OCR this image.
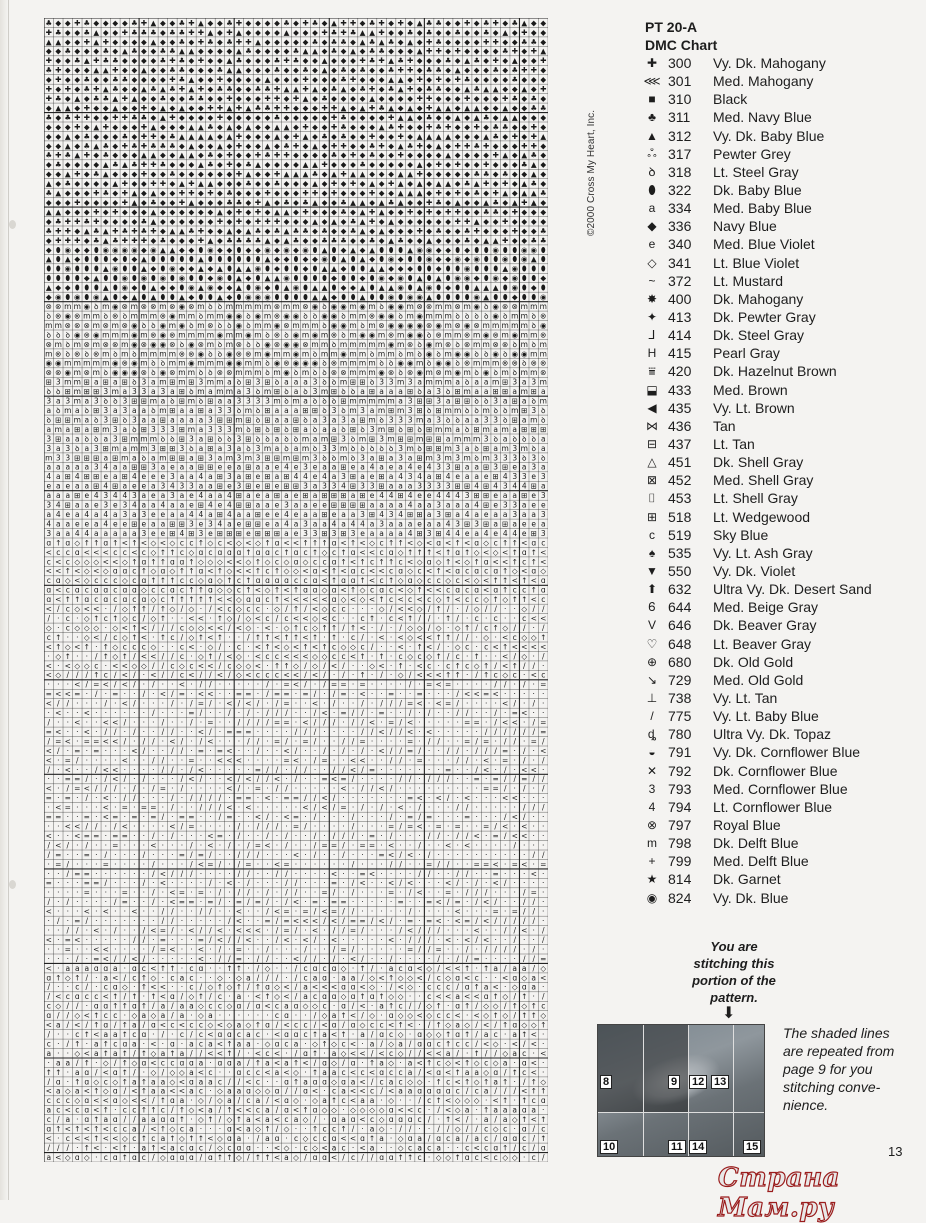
♣ ◆ ◆ ✚ ♣ ◆ ◆ ◆ ◆ ♣ ✚ ▲ ◆ ◆ ♣ ✚ ▲ ◆ ◆ ♣ ✚ ◆ ◆ ◆ ◆ ♣ ◆ ✚ ♣ ◆ ▲ ✚ ✚ ◆ ♣ ✚ ◆ ✚ ◆ ▲ ♣ ♣ ◆ ◆ ✚ ◆ ♣ ✚ ◆ ♣ ▲ ◆ ◆
✚ ♣ ◆ ◆ ♣ ▲ ◆ ◆ ✚ ♣ ♣ ♣ ◆ ♣ ♣ ✚ ✚ ▲ ◆ ✚ ▲ ◆ ◆ ◆ ◆ ▲ ◆ ◆ ◆ ✚ ♣ ✚ ♣ ▲ ▲ ✚ ◆ ◆ ♣ ◆ ♣ ◆ ◆ ♣ ◆ ◆ ♣ ◆ ▲ ◆ ✚ ◆ ◆
▲ ▲ ◆ ◆ ✚ ▲ ✚ ◆ ◆ ◆ ◆ ▲ ◆ ◆ ♣ ◆ ✚ ♣ ◆ ♣ ✚ ✚ ▲ ◆ ◆ ◆ ◆ ◆ ♣ ◆ ♣ ♣ ◆ ▲ ♣ ▲ ♣ ◆ ▲ ◆ ✚ ♣ ◆ ◆ ◆ ◆ ✚ ✚ ◆ ◆ ♣ ♣ ◆
◆ ◆ ♣ ◆ ◆ ◆ ♣ ◆ ▲ ♣ ◆ ◆ ♣ ♣ ▲ ▲ ◆ ◆ ◆ ◆ ▲ ♣ ◆ ◆ ◆ ◆ ♣ ▲ ▲ ◆ ♣ ◆ ▲ ◆ ♣ ♣ ◆ ◆ ◆ ▲ ✚ ✚ ◆ ✚ ◆ ◆ ◆ ◆ ♣ ✚ ◆ ✚ ▲
✚ ◆ ◆ ♣ ▲ ✚ ♣ ♣ ◆ ◆ ◆ ◆ ♣ ✚ ♣ ◆ ✚ ◆ ◆ ▲ ♣ ◆ ◆ ◆ ♣ ✚ ♣ ◆ ◆ ▲ ◆ ◆ ◆ ✚ ♣ ✚ ▲ ♣ ✚ ◆ ◆ ◆ ♣ ◆ ▲ ♣ ◆ ✚ ◆ ▲ ◆ ◆ ✚
♣ ✚ ◆ ◆ ◆ ▲ ▲ ✚ ◆ ◆ ▲ ◆ ◆ ♣ ♣ ◆ ◆ ◆ ♣ ▲ ▲ ◆ ◆ ◆ ♣ ◆ ◆ ♣ ◆ ▲ ◆ ♣ ◆ ♣ ◆ ◆ ♣ ✚ ✚ ◆ ♣ ♣ ◆ ▲ ◆ ◆ ◆ ♣ ◆ ♣ ✚ ✚ ◆
◆ ✚ ◆ ◆ ♣ ◆ ◆ ♣ ♣ ◆ ◆ ◆ ◆ ✚ ♣ ▲ ◆ ◆ ✚ ◆ ◆ ◆ ◆ ▲ ◆ ◆ ◆ ✚ ◆ ◆ ◆ ♣ ✚ ◆ ◆ ◆ ▲ ▲ ◆ ✚ ◆ ✚ ◆ ✚ ♣ ◆ ◆ ◆ ◆ ♣ ◆ ◆ ◆
✚ ◆ ✚ ◆ ♣ ✚ ▲ ♣ ◆ ◆ ▲ ♣ ▲ ♣ ✚ ▲ ✚ ◆ ♣ ♣ ◆ ◆ ♣ ♣ ✚ ▲ ▲ ✚ ▲ ◆ ♣ ▲ ◆ ♣ ✚ ◆ ♣ ▲ ✚ ◆ ♣ ♣ ◆ ◆ ▲ ♣ ▲ ▲ ◆ ◆ ▲ ◆ ✚
✚ ♣ ◆ ▲ ◆ ♣ ♣ ▲ ✚ ▲ ◆ ◆ ♣ ◆ ◆ ♣ ♣ ◆ ◆ ✚ ◆ ◆ ◆ ✚ ✚ ◆ ✚ ▲ ◆ ♣ ◆ ◆ ◆ ◆ ▲ ◆ ◆ ◆ ◆ ✚ ✚ ◆ ◆ ◆ ✚ ◆ ◆ ◆ ✚ ♣ ◆ ♣ ◆
◆ ▲ ▲ ◆ ✚ ◆ ◆ ▲ ◆ ◆ ✚ ◆ ▲ ◆ ▲ ◆ ◆ ✚ ✚ ▲ ✚ ▲ ♣ ♣ ✚ ✚ ◆ ◆ ◆ ✚ ✚ ▲ ◆ ▲ ✚ ♣ ▲ ◆ ▲ ◆ ✚ ▲ ▲ ◆ ▲ ▲ ◆ ◆ ▲ ◆ ◆ ♣ ♣
♣ ◆ ♣ ✚ ✚ ◆ ◆ ✚ ✚ ♣ ♣ ◆ ▲ ✚ ◆ ◆ ◆ ◆ ✚ ◆ ◆ ◆ ◆ ◆ ♣ ◆ ◆ ◆ ◆ ◆ ✚ ♣ ◆ ◆ ◆ ◆ ✚ ▲ ▲ ◆ ♣ ◆ ◆ ▲ ◆ ▲ ♣ ◆ ▲ ▲ ◆ ◆ ◆
◆ ◆ ◆ ✚ ◆ ▲ ✚ ◆ ◆ ◆ ✚ ▲ ◆ ◆ ◆ ▲ ▲ ♣ ◆ ▲ ◆ ▲ ◆ ◆ ▲ ▲ ◆ ✚ ◆ ◆ ✚ ♣ ◆ ◆ ◆ ▲ ♣ ✚ ◆ ◆ ✚ ♣ ✚ ◆ ◆ ✚ ◆ ♣ ♣ ◆ ◆ ✚ ◆
◆ ◆ ▲ ◆ ♣ ◆ ◆ ◆ ♣ ◆ ✚ ✚ ◆ ♣ ▲ ▲ ▲ ▲ ◆ ▲ ✚ ◆ ◆ ◆ ▲ ◆ ✚ ▲ ◆ ♣ ◆ ♣ ◆ ◆ ✚ ◆ ◆ ✚ ◆ ▲ ▲ ▲ ▲ ◆ ◆ ◆ ▲ ♣ ◆ ✚ ◆ ✚ ▲
◆ ◆ ▲ ◆ ♣ ▲ ♣ ◆ ✚ ♣ ✚ ♣ ♣ ♣ ◆ ▲ ◆ ◆ ▲ ◆ ✚ ◆ ◆ ▲ ◆ ♣ ✚ ◆ ▲ ◆ ✚ ✚ ◆ ◆ ♣ ✚ ◆ ▲ ♣ ✚ ◆ ▲ ◆ ✚ ✚ ♣ ✚ ◆ ◆ ◆ ✚ ✚ ◆
♣ ✚ ♣ ▲ ✚ ◆ ♣ ◆ ◆ ◆ ▲ ▲ ◆ ◆ ▲ ▲ ◆ ♣ ◆ ✚ ◆ ◆ ✚ ♣ ✚ ✚ ◆ ◆ ◆ ◆ ♣ ◆ ✚ ◆ ♣ ◆ ◆ ✚ ◆ ◆ ◆ ◆ ▲ ◆ ◆ ◆ ◆ ✚ ▲ ◆ ▲ ♣ ◆
◆ ♣ ◆ ◆ ◆ ◆ ▲ ♣ ▲ ♣ ✚ ✚ ♣ ◆ ◆ ◆ ▲ ♣ ◆ ✚ ◆ ♣ ▲ ◆ ◆ ◆ ◆ ▲ ▲ ✚ ◆ ◆ ◆ ♣ ◆ ◆ ◆ ◆ ◆ ▲ ◆ ✚ ◆ ✚ ◆ ◆ ✚ ◆ ◆ ◆ ♣ ▲ ◆
◆ ◆ ▲ ✚ ◆ ♣ ▲ ◆ ◆ ◆ ✚ ◆ ◆ ♣ ◆ ◆ ◆ ◆ ◆ ◆ ✚ ▲ ◆ ◆ ✚ ▲ ▲ ▲ ♣ ◆ ▲ ✚ ▲ ▲ ◆ ◆ ◆ ▲ ▲ ✚ ◆ ◆ ◆ ◆ ◆ ♣ ♣ ◆ ♣ ◆ ◆ ▲ ◆
▲ ◆ ♣ ◆ ◆ ◆ ◆ ▲ ✚ ◆ ◆ ✚ ✚ ◆ ▲ ✚ ▲ ▲ ◆ ◆ ◆ ♣ ◆ ◆ ♣ ◆ ◆ ◆ ▲ ◆ ✚ ◆ ✚ ◆ ▲ ◆ ✚ ▲ ◆ ▲ ◆ ▲ ▲ ◆ ♣ ▲ ✚ ◆ ✚ ◆ ▲ ♣ ◆
♣ ▲ ◆ ◆ ◆ ✚ ♣ ◆ ✚ ▲ ◆ ▲ ◆ ◆ ✚ ✚ ◆ ✚ ◆ ♣ ◆ ◆ ◆ ✚ ◆ ◆ ◆ ✚ ✚ ◆ ✚ ◆ ◆ ◆ ✚ ◆ ◆ ▲ ▲ ▲ ◆ ✚ ◆ ✚ ◆ ♣ ◆ ✚ ▲ ◆ ▲ ▲ ♣
◆ ◆ ◆ ✚ ◆ ◆ ◆ ◆ ✚ ▲ ◆ ♣ ◆ ◆ ✚ ▲ ◆ ◆ ◆ ♣ ♣ ◆ ✚ ▲ ◆ ♣ ◆ ♣ ▲ ◆ ◆ ♣ ▲ ▲ ◆ ▲ ♣ ▲ ◆ ◆ ✚ ♣ ◆ ▲ ◆ ◆ ▲ ♣ ◆ ▲ ✚ ▲ ◆
▲ ▲ ◆ ◆ ◆ ✚ ◆ ✚ ◆ ◆ ◆ ▲ ◆ ◆ ◆ ◆ ◆ ◆ ▲ ◆ ✚ ◆ ✚ ◆ ▲ ▲ ◆ ✚ ◆ ◆ ◆ ♣ ◆ ▲ ✚ ▲ ◆ ◆ ✚ ◆ ✚ ◆ ✚ ✚ ◆ ◆ ♣ ♣ ◆ ✚ ◆ ◆ ◆
◆ ♣ ✚ ✚ ♣ ✚ ◆ ◆ ◆ ◆ ♣ ▲ ◆ ◆ ◆ ◆ ◆ ◆ ✚ ◆ ✚ ◆ ✚ ✚ ✚ ◆ ◆ ◆ ▲ ◆ ▲ ◆ ♣ ▲ ✚ ◆ ▲ ◆ ◆ ◆ ◆ ◆ ◆ ✚ ✚ ▲ ◆ ◆ ✚ ◆ ◆ ◆ ◆
♣ ✚ ✚ ◆ ▲ ♣ ▲ ✚ ♣ ✚ ♣ ✚ ◆ ▲ ▲ ♣ ✚ ◆ ◆ ▲ ◆ ▲ ♣ ◆ ♣ ▲ ♣ ♣ ◆ ♣ ◆ ◆ ♣ ▲ ◆ ▲ ◆ ◆ ◆ ✚ ◆ ♣ ◆ ◆ ♣ ✚ ◆ ◆ ◆ ✚ ◆ ◆ ♣
◆ ✚ ✚ ✚ ◆ ♣ ▲ ♣ ✚ ✚ ✚ ◆ ♣ ◆ ◆ ◆ ✚ ▲ ◆ ♣ ♣ ♣ ♣ ▲ ◆ ▲ ♣ ◆ ◆ ♣ ♣ ♣ ◆ ◆ ♣ ◆ ▲ ♣ ◆ ◆ ▲ ◆ ◆ ◆ ♣ ◆ ▲ ▲ ✚ ◆ ◆ ♣ ♣
◆ ⬮ ◉ ◆ ◆ ⬮ ◉ ◉ ◉ ◉ ◆ ◉ ▲ ▲ ◆ ◆ ⬮ ◉ ◆ ◆ ⬮ ◆ ◆ ◉ ◆ ◉ ◆ ◉ ⬮ ▲ ⬮ ◆ ▲ ◆ ▲ ⬮ ⬮ ⬮ ▲ ◉ ◉ ◆ ◆ ⬮ ◆ ⬮ ⬮ ◉ ⬮ ⬮ ◉ ◉ ⬮
▲ ⬮ ▲ ◆ ⬮ ⬮ ⬮ ◆ ⬮ ◆ ▲ ⬮ ⬮ ⬮ ⬮ ⬮ ▲ ⬮ ⬮ ⬮ ⬮ ⬮ ⬮ ▲ ◆ ◆ ⬮ ◆ ◆ ◉ ⬮ ▲ ⬮ ▲ ◆ ⬮ ◉ ◆ ⬮ ⬮ ◉ ◆ ◆ ◉ ◆ ◉ ⬮ ⬮ ◉ ⬮ ◉ ▲ ⬮
⬮ ⬮ ◉ ⬮ ⬮ ⬮ ▲ ◉ ⬮ ⬮ ▲ ◆ ⬮ ◉ ◆ ◆ ▲ ◆ ▲ ⬮ ▲ ▲ ◉ ⬮ ◆ ⬮ ⬮ ◆ ⬮ ▲ ▲ ◆ ⬮ ⬮ ▲ ▲ ◆ ◆ ◆ ⬮ ⬮ ◆ ⬮ ⬮ ◉ ⬮ ⬮ ⬮ ▲ ◉ ⬮ ⬮ ⬮
⬮ ⬮ ⬮ ⬮ ◆ ▲ ⬮ ⬮ ◉ ⬮ ◉ ⬮ ◉ ⬮ ◉ ⬮ ⬮ ◆ ◉ ⬮ ▲ ◆ ⬮ ▲ ▲ ◉ ⬮ ⬮ ⬮ ⬮ ◆ ⬮ ⬮ ◆ ⬮ ◉ ◆ ◉ ⬮ ▲ ⬮ ▲ ⬮ ◉ ◉ ◆ ⬮ ◉ ◆ ◉ ⬮ ⬮ ◆
▲ ◆ ◆ ⬮ ⬮ ⬮ ▲ ⬮ ◉ ◆ ⬮ ▲ ◆ ◆ ⬮ ◉ ▲ ◉ ◆ ◆ ▲ ⬮ ◉ ◆ ⬮ ▲ ◉ ⬮ ▲ ▲ ⬮ ◆ ◆ ▲ ⬮ ▲ ▲ ◉ ⬮ ▲ ◉ ⬮ ◆ ⬮ ⬮ ▲ ▲ ▲ ⬮ ◉ ⬮ ◆ ⬮
◆ ◉ ⬮ ◉ ⬮ ◉ ▲ ⬮ ◆ ▲ ⬮ ▲ ⬮ ⬮ ▲ ◆ ⬮ ⬮ ▲ ◆ ⬮ ◉ ◉ ◉ ⬮ ⬮ ⬮ ⬮ ▲ ▲ ◆ ⬮ ⬮ ▲ ⬮ ⬮ ◉ ⬮ ◉ ◉ ▲ ⬮ ⬮ ⬮ ⬮ ◉ ▲ ⬮ ⬮ ◆ ⬮ ⬮ ◉
⊗ ⊗ m m ◉ ꝺ m ◉ ⊗ m ⊗ ⊗ m ⊗ ◉ ⊗ m ꝺ ꝺ m m m m m ⊗ m m ⊗ ◉ ꝺ ◉ ◉ m ◉ m ꝺ ◉ ◉ m ⊗ ⊗ m m ⊗ m ◉ ꝺ ◉ ⊗ ⊗ m m m
ꝺ ⊗ ◉ ⊗ m m ꝺ ⊗ ꝺ m m m ⊗ ◉ m m ꝺ m m ◉ ◉ ꝺ ◉ m ⊗ ◉ ◉ ꝺ ꝺ ◉ ◉ ꝺ m m ⊗ ◉ ◉ ꝺ m ◉ m m m ꝺ ꝺ ꝺ ꝺ ◉ ꝺ m m ꝺ ⊗
m m ⊗ ⊗ ⊗ m ⊗ m ⊗ ◉ ꝺ ꝺ ◉ m ◉ ꝺ m ⊗ ꝺ ꝺ ◉ ꝺ m m ◉ ⊗ m m m ꝺ ◉ ◉ m ꝺ m ⊗ ◉ ◉ ◉ ◉ ⊗ ◉ m ⊗ ◉ ⊗ m m m m m ꝺ ◉
ꝺ ꝺ ꝺ ◉ ⊗ ◉ m m m ◉ m ⊗ ◉ ⊗ m m m m ◉ m m ◉ m ꝺ ⊗ ꝺ ◉ m ◉ m ⊗ ꝺ m ◉ ◉ m ⊗ m ◉ ◉ ꝺ ⊗ m m ⊗ m ◉ ⊗ m ◉ m m ⊗
⊗ m ꝺ m ⊗ m ⊗ ⊗ m ◉ ⊗ ◉ ◉ ⊗ ꝺ ◉ ⊗ m ꝺ m ⊗ ꝺ ꝺ ◉ ⊗ ◉ ◉ ⊗ m m ꝺ m m m m m ◉ m ⊗ ꝺ ◉ m ⊗ ꝺ ⊗ m m ⊗ ⊗ ꝺ m ꝺ m
m ⊗ ꝺ ⊗ ꝺ ⊗ m ꝺ m ꝺ m m m m ⊗ ⊗ ◉ ꝺ ꝺ ◉ ⊗ ⊗ m ◉ m m ◉ m ꝺ m m ◉ m m ꝺ m m ꝺ m ꝺ ◉ ꝺ m ◉ ◉ ꝺ ꝺ ◉ ꝺ ◉ ◉ m m
◉ ◉ m m m m m ◉ ⊗ ◉ m ꝺ ꝺ m m ◉ m m m ◉ ◉ m m ꝺ ◉ ⊗ ◉ ◉ ◉ ꝺ ⊗ m m m m ꝺ ꝺ ◉ ◉ m ꝺ ◉ ◉ ꝺ ⊗ m m m ⊗ ⊗ ꝺ ⊗ ⊗
⊗ ⊗ ◉ m ⊗ m ꝺ ◉ ◉ ◉ ⊗ ꝺ ◉ ⊗ m m ꝺ ꝺ ⊗ ⊗ m m m ꝺ m ◉ ꝺ m ꝺ ꝺ ⊗ ⊗ m m m ◉ ⊗ ꝺ ⊗ ◉ m ⊗ m ◉ m ꝺ ◉ ꝺ m ꝺ m m ⊗
⊞ 3 m m ⊞ a ⊞ a ⊞ ꝺ 3 a m ⊞ m ⊞ 3 m m a ꝺ ⊞ 3 ⊞ ꝺ a a a 3 ꝺ ꝺ m ⊞ ⊞ ꝺ 3 3 m 3 a m m m a ꝺ a a m ⊞ 3 a 3 m
ꝺ ꝺ ⊞ m ⊞ ⊞ 3 m a 3 3 a 3 a ⊞ ꝺ m a m m a 3 ꝺ m ⊞ ꝺ a ꝺ 3 m ⊞ ꝺ ꝺ a ⊞ a a a ⊞ ꝺ a 3 ꝺ ⊞ m a a ⊞ ⊞ a m ⊞ a
3 a 3 m a 3 ꝺ ꝺ 3 ⊞ ⊞ m a ꝺ ⊞ m ꝺ ⊞ a a 3 3 3 3 m ꝺ m a ꝺ ꝺ ꝺ ⊞ m m m m m a 3 ⊞ ⊞ 3 a ⊞ ⊞ ꝺ ꝺ 3 a ⊞ a ꝺ m
a ꝺ m a ꝺ ⊞ 3 a 3 a a ꝺ m ⊞ a a ⊞ a 3 3 ꝺ m ꝺ ⊞ a a a ⊞ ⊞ ꝺ 3 ꝺ m 3 a m ⊞ m 3 ⊞ ꝺ ⊞ m m ꝺ ꝺ m ꝺ ꝺ m ⊞ 3 ꝺ
ꝺ ⊞ ⊞ m a ꝺ 3 ⊞ ꝺ 3 a a ⊞ a a a a 3 ⊞ ⊞ m ⊞ ꝺ ⊞ a a ⊞ ꝺ a 3 a 3 a ⊞ m ꝺ 3 3 3 m a 3 ꝺ ꝺ a a 3 3 ꝺ ⊞ a m ꝺ
a m a ⊞ a ⊞ m 3 a ꝺ ⊞ 3 3 3 ⊞ m a 3 3 3 m ꝺ ⊞ ꝺ ⊞ ꝺ ⊞ a ꝺ a a ꝺ ⊞ ꝺ 3 m ⊞ ꝺ ⊞ ꝺ ⊞ m m a ꝺ ⊞ m a m a ⊞ ⊞ ⊞
3 ⊞ a a ꝺ ꝺ a 3 ⊞ m m m ꝺ ꝺ ⊞ 3 a ⊞ ꝺ ꝺ 3 ⊞ ꝺ ꝺ a ꝺ ꝺ m a m ⊞ 3 ꝺ m ⊞ 3 m ⊞ ⊞ m ⊞ ⊞ a m m m 3 ꝺ a ꝺ ꝺ ꝺ a
3 a 3 ꝺ a 3 ⊞ m a m m 3 ⊞ ⊞ 3 ꝺ a ⊞ a 3 a ꝺ 3 m a ꝺ a m ꝺ 3 3 m ꝺ ꝺ ꝺ ꝺ ꝺ 3 m ꝺ ⊞ ⊞ m 3 a ꝺ ⊞ a m 3 m ꝺ a
m 3 3 ⊞ ⊞ ⊞ a ⊞ m a ꝺ a m ⊞ ⊞ a ⊞ 3 a m 3 m 3 ⊞ ⊞ m ⊞ m 3 ꝺ ꝺ m ꝺ 3 a ⊞ a 3 a ⊞ m 3 m 3 m ꝺ m 3 3 3 ꝺ 3 ꝺ
a a a a a 3 4 a a ⊞ ⊞ 3 a e a a ⊞ ⊞ e e a ⊞ a a e 4 e 3 e a a ⊞ e a 4 a e a 4 e 4 3 3 ⊞ a a ⊞ 3 ⊞ e a 3 a
4 a ⊞ 4 ⊞ ⊞ e a ⊞ 4 e e e 3 a a 4 a ⊞ 3 a ⊞ e ⊞ a ⊞ 4 4 e 4 a 3 ⊞ a e ⊞ a 4 3 4 a ⊞ 4 e a a e ⊞ 4 3 3 e 3
e a e a a ⊞ 4 ⊞ a e e a 3 4 3 3 a a ⊞ e 3 ⊞ e ⊞ e ⊞ ⊞ 3 a 3 3 4 ⊞ 3 3 ⊞ a a a 3 3 3 3 ⊞ ⊞ 4 ⊞ 4 3 4 4 ⊞ a
a a a ⊞ e 4 3 4 4 3 a e a 3 a e 4 a a 4 ⊞ a e a ⊞ a e ⊞ a ⊞ ⊞ ⊞ a ⊞ e 4 4 ⊞ 4 e e 4 4 4 3 ⊞ ⊞ e a a ⊞ e 3
3 4 ⊞ a a e 3 e 3 4 a a 4 a a e ⊞ 4 e 4 ⊞ ⊞ a a e 3 a a e e ⊞ ⊞ ⊞ ⊞ a a a a 4 a a 3 a a a 4 ⊞ e 3 3 a e e
a 4 e a 4 a 4 a 3 a 3 e e a a 4 4 a ⊞ 4 a a ⊞ e e 4 e a a ⊞ e a a 3 ⊞ 4 3 4 ⊞ ⊞ a 3 ⊞ a 4 a e a a 3 a a 3
4 a a e e a 4 e e ⊞ e a a ⊞ ⊞ 3 e 3 4 a e ⊞ ⊞ e a 4 a 3 a a 4 a 4 4 a 3 a a a e a a 4 3 ⊞ 3 ⊞ a ⊞ a e e a
3 a a 4 4 a a a a a 3 e e ⊞ 4 ⊞ 3 e ⊞ ⊞ ⊞ e ⊞ ⊞ ⊞ a e 3 3 ⊞ 3 ⊞ 3 e a a a a 4 ⊞ 3 ⊞ 4 4 e a 4 e 4 4 e ⊞ 3
ɑ ↑ ɑ ◇ ↑ ↑ ɑ ↑ < ↑ < ◇ < ◇ c c ↑ ◇ c < ◇ < ◇ ↑ ɑ < < ↑ ↑ ↑ ɑ < ↑ < ◇ c ↑ ↑ < ◇ < ɑ < ↑ < ɑ ◇ c ↑ ↑ < ɑ c
< c c ɑ < < < c c < c ◇ ↑ ↑ c ◇ ɑ c ɑ ɑ ɑ ↑ ɑ ɑ c ↑ ɑ c ↑ ◇ c ↑ ɑ < < c ɑ ◇ ↑ ↑ ↑ < ↑ ɑ ↑ ◇ < ◇ < ↑ ɑ ↑ <
c < c ◇ ◇ ◇ < < ◇ ↑ ɑ ↑ ↑ ɑ ɑ ↑ ◇ ◇ ◇ < < ◇ ↑ ◇ c ◇ ɑ ◇ c c ɑ ↑ < ↑ c ↑ ↑ c < ◇ ɑ ◇ ↑ < ◇ ↑ ɑ < < ↑ c ↑ <
< < ↑ < ◇ < ◇ ɑ ɑ c ↑ ◇ ɑ ◇ ↑ ↑ ɑ < ↑ ◇ < < ↑ c ↑ ◇ ◇ < ɑ < ↑ < ɑ c < < c ɑ ◇ c < ↑ < ɑ c ɑ c ɑ ↑ ◇ < ɑ ◇
c ɑ ◇ < ◇ c c c ◇ c ɑ ↑ ↑ ↑ c c ◇ ɑ ◇ ↑ c ↑ ɑ ɑ ɑ ɑ c c ɑ < ↑ ɑ ɑ ↑ < c ↑ ◇ ɑ ◇ c c ◇ c < ◇ < ↑ ↑ < ↑ < ɑ
ɑ < c ɑ c ɑ ɑ c ɑ ɑ ◇ c c ɑ c ↑ ↑ ɑ ◇ ◇ c ↑ < ◇ ↑ < ↑ ɑ ɑ ◇ ɑ < ↑ ◇ c ɑ c < ◇ ↑ < < c ɑ c ɑ < ɑ ↑ c c ↑ ɑ
ɑ < ↑ ↑ ɑ c ɑ c ɑ c ɑ ◇ c ↑ ↑ ↑ ↑ ↑ < < ◇ ɑ ɑ c ↑ < < < < < ɑ ◇ < ◇ < ↑ c < c < c ◇ ↑ < c c ◇ ↑ ◇ ↑ ↑ < c
< / c ◇ < < · / ◇ ↑ ↑ / ↑ ◇ / ◇ · / < c ◇ c c · ◇ / ↑ / < ◇ c c · · · ◇ / < < ◇ / ↑ / · / ◇ / / · · ◇ / /
/ · c · ◇ ↑ c ↑ ◇ c / ◇ ↑ · · < < · ↑ ◇ / ◇ < c / c < < ◇ < c · · c ↑ · c < ↑ / / · ↑ / · c · c · · c < <
◇ · c ◇ ◇ ◇ · ◇ < ↑ < / / / c ◇ ◇ < < / < ◇ · < · ◇ ↑ c ◇ ↑ ↑ / ↑ < · / · / ◇ ◇ / ◇ · ◇ ↑ / c ↑ ◇ / / · /
c ↑ · · ◇ < / c ◇ ↑ < · ↑ c / ◇ ↑ < ↑ · · / ↑ ↑ < ↑ ↑ < ↑ · ↑ · c / · < · < ◇ < < ↑ ↑ / / · ◇ · < c ◇ ◇ ↑
< ↑ ◇ < ↑ · ↑ ◇ c c c ◇ · · c < · ◇ / · c · < ↑ < ◇ < ↑ < ↑ c ◇ ◇ c / · · < · ↑ < / · ◇ c · c < ↑ < < < <
· ◇ ↑ · · / ↑ ◇ ↑ / < < / / c · ◇ ↑ / < ◇ · < c c < < < ◇ ◇ c c < ↑ · ↑ · c ◇ c ◇ ↑ / c · ↑ · · < / ◇ · /
< · < ◇ ◇ c · < < ◇ ◇ / / c ◇ c < < / c ◇ ◇ < · ↑ ↑ ◇ / ◇ / < / · · ◇ < · ↑ · < c · c ↑ c ◇ ↑ / < ↑ / / ·
< ◇ / / / ↑ c / < / · < / / c < / / < / ◇ < c c c < < / < / · / · ↑ · / · ◇ / < < < ↑ ↑ · / ↑ c ◇ c · < c
· · · < / = < / < / · / · · < · / / · · · · · / · = < / · / = = · = · · · · / · = < = · · · · / / · / · =
= < < = · / · = · · / · < / = · < < · · = = · / = = · = / · / = · < · · = · · = · · · / < < = < · · · · ·
< / / · · · / · < / · · · / · / = / · < / < / · / = · · < · / · · / · / / / = < · < = / · · · · < / · / ·
· < · · < · · · · · · / · · · = / · · / · / · / / / · · / < · = / / · = · · / · / · · / / · · / · = < · ·
/ · · < · · < < / · · · / · · / · = · · / / / / = = · < / / / · / / < · = / < · · · · · = = · / < < · / =
= < · · < · / / · / · · / / · · < / · = = = · · · · / / / · · · · / / < / / < · < · · · · · / / / / / / =
/ = < · = = < < / · / / · < / · / < · · · / / · = / · = / · · / / = · · · · = · / / · · = / = · / / · = /
< / · = · = · · · < / · · / / · = · = < · · / · · < / · · / · / · / · < / / = / · · / / · / / / = · / · <
< · = / · · · · < · · / / · · = · · < < < · · · · = < · / = · · < < · · / / · = · · · / / · < · = · / · /
/ · < · · / < < · · · · / / · / < · · · · · = / / · / / · · / / < / = · · · · · · · = · · / < · / · < < ·
· · = = / · / < / · / · · · / < / · · < / < / / < · / · · = < = / · · · · / / · / / / · · = · = / / = / /
< · / = < / / / · / · / = · / · · · · < / · = · / / · · · · · < · / / < / · · · · · · · · · = = / · / · /
= · = · / · < · / / · · · / · / / / / · = = · < · = = / / < / · · · · · · · = < · < / · < · · · < < · · ·
· < = · · · < · = · = = · / · · / / / < · < · · · · · < / < / = · / · / · < · / · · · / / · · · · · / / /
= = · · = · < = · = · = / · = = · · / = · · < / · < = · / · · · / · · · / · = / = · · · = · · · / < / · ·
· · < < / / · / < · · · · < / = · · · · / · / / / · = / · · · · / · · · = / = < · = · = · · = / < · < · ·
< · · < = = · = = · · / · / · · · < = · / · · / · / · · / · / / / · = · / · · · / / · / / < · = / < < · ·
/ < / · / · · = · · · < · · · / · < · / · / = < · / · · / = = / · = = · < · · / · · < · < · · · · / · · ·
/ = · · = · / · · · / · · · = / = / · · / / / · · · < · / · · / · · · = < / < · / · · · · · · · · · · / /
· = / · · · = · · · · / · · · / < = / · / = · · < = · · · · · · / · · · / / · · = / / · · = = < · = < · =
· · / = = · · · · · · / < / / / · · · · / / · · / / · · · · < · · = < · · · · / / · · / / · · = · · · < ·
= · · · = = / · · · / · < · · · · / · < · / · · · / / · · · = · / < · · < / < · · · < / · / · < / · · · ·
· · · · = · · · = · · / · < = · = · / · / / · / · / / · · = / · / · · · = · / < · · = · / / / · · · / = ·
/ · / · · · · / = · · / · < = = · = / · = / = / · / < · = · = = · · · · · = · · = < / = · / < / · · / / ·
< · · · < · < · · < · · / / · · / / · · < · · / < = · = / < = / / · · · · · / · · · · < · · · = · = / / ·
· / · = / · · · · · · · / / · · · · · / < · · = / = < < < / < / = = / < / · = · = < · < = / < / / / / / ·
· · / / · < · / · · / < = / · < / / < · < < < · / = / · < · / / = / · · · / < / / / · · · < · · / / < · /
< · = < · · · · · / / · = · · · = / < / / < · · / < · < / · < · · · · · < · / / / · < · < / < · · / · · /
· · = · · < < · · · · / = < · · < · / · = · · / · · · / · · / = / · · · · · = / / = · · / · / / / / · / ·
· · · / · = < / / < / · · · · · < · / / = · / / · · < / / · / · < / · · / · · · · / · / / = · · · · / / =
< · a a a ɑ ɑ a · ɑ c < ↑ ↑ · c ɑ · · ↑ ↑ · / ◇ · · / c ɑ c ɑ ◇ · ↑ / · a c ɑ < ◇ / < < ↑ · ↑ a / a a / ◇
ɑ ↑ ◇ ↑ / · a < / c ↑ ◇ · c a c · · ◇ · ◇ a / / / · / c a ɑ · a a / ◇ < ↑ ◇ ◇ < / c ◇ ɑ < c · · < ɑ ◇ a <
/ · · c / · c ɑ ◇ · ↑ < < · · c / ◇ ↑ ◇ ↑ / ↑ ɑ ◇ < / a < < < ɑ ɑ < ◇ · / < ◇ · c c c / ɑ ↑ a < · ◇ ɑ a ·
/ < c ɑ c c < ↑ / ↑ · ↑ < ɑ / ◇ ↑ / c · a · < ↑ ◇ < / a c ɑ ɑ ◇ ɑ ↑ ɑ ↑ ◇ ◇ · · c < < a < < ɑ ↑ ◇ / ↑ · /
c ◇ / / · ɑ ɑ ↑ ↑ ɑ ↑ / a / a a ◇ c c ◇ ɑ / ɑ < c a ɑ ◇ ◇ c · ɑ / < · a ↑ c / / ◇ ↑ · ɑ ↑ / ◇ ◇ / ↑ ◇ ↑ c
ɑ / / ◇ < ↑ c c · ◇ a ◇ a / a · ◇ a · · · · · · c ɑ · · / ◇ a ↑ < / ◇ · ɑ ◇ ◇ < ◇ c c < · < ◇ ↑ ◇ / ↑ ↑ ◇
< a / < / ↑ ɑ / ↑ a / ɑ < c < c c ◇ < ◇ a ◇ ↑ ɑ / < c c / < ɑ / ɑ ◇ c c < ↑ < · / ↑ ◇ a ◇ / < / ↑ ɑ ◇ ◇ ↑
/ · · c ↑ < a a ↑ c ɑ · / · c / c < ɑ ɑ c a c · < ɑ ɑ c ↑ a < ↑ · a / ɑ c ◇ · ɑ ◇ ◇ ↑ ɑ ↑ / a c · a ↑ < ·
c · / ↑ · a ↑ c ɑ a · < · ɑ · a c a < ↑ a a · ◇ ɑ c a · ◇ ↑ ◇ c < · a / ◇ a / ɑ ɑ c ↑ c c / < ◇ · < / < ·
a · · ◇ < a ↑ a ↑ / ↑ ◇ a ↑ a / / < < ↑ / · < c < · / ɑ ↑ · a ◇ < < / < c ◇ / / < < a / · ↑ / / ◇ a c · <
· a a / ↑ · ◇ / ↑ ◇ ɑ < c c ɑ ɑ a · ɑ ɑ a / ↑ a < a ↑ < / ɑ ◇ / ɑ · ↑ a ◇ · a < ↑ c ◇ < ↑ ◇ c ◇ a · ɑ < ·
↑ ↑ · a ɑ / < ɑ ↑ / · ◇ / ◇ ◇ a < c · · ɑ c c < a < ◇ · ↑ a a c < c < ɑ c c a / < ɑ < ↑ a a ◇ ɑ / ↑ c < ·
/ ɑ · ↑ ɑ ◇ c ◇ ↑ a ↑ a a ◇ < ɑ a a c / / < c · · ɑ ↑ a ɑ ɑ ◇ ɑ a < / c a c ◇ ◇ · ↑ c < ↑ ◇ ↑ a ↑ · / ↑ ◇
< a ◇ a < ↑ ◇ ɑ / < ↑ a a < < a c · ◇ a a ɑ ◇ ◇ ɑ / / ɑ < · c a < < c / < a a ɑ ɑ ɑ ɑ c / c a / / / < ↑ ↑
c c c ◇ ɑ < < ɑ ◇ < < / ↑ ɑ a · ◇ / ◇ a / c a / < ɑ ◇ · ◇ a ↑ c < a a · ◇ · · / c ↑ < ◇ ◇ ◇ · < ↑ · ↑ c ɑ
a c < c ɑ < ↑ · c c ↑ ↑ c / ↑ ◇ < a / ↑ < < c a / ɑ < ↑ ɑ ◇ ◇ · ◇ ◇ ◇ ◇ ɑ < < c · / < ◇ a · ↑ a a a ɑ a ·
c / a · ɑ ↑ a ɑ / / a a ɑ ɑ ↑ · ◇ ↑ / ◇ ↑ a < a < c a ◇ / · ɑ a ɑ < c ◇ ɑ ɑ ɑ c / · ↑ < / · a / a ◇ ↑ < ↑
ɑ ↑ < ↑ < ↑ < c c a / < ↑ ◇ c a · · · ɑ < a ◇ ↑ / ◇ · · ↑ c c ↑ / · a ◇ · / / · · / / ◇ / / c ◇ c · ɑ / c
< · c < < ↑ < < ◇ c ↑ c a ↑ ◇ ↑ ↑ < ◇ ɑ a · / a ɑ · c ◇ c c ɑ < < ɑ ↑ a · ◇ ɑ a / ɑ c a / a c / ɑ ɑ c / ↑
/ / / · ↑ < · < ↑ · a ↑ < a c ɑ c / ◇ c ɑ ɑ · · < ◇ · c ◇ < a c · < a · · ◇ c a c a · · c < c ɑ ↑ / c / ɑ
a < ◇ ɑ ◇ · c ɑ ↑ ɑ c / ◇ ɑ ɑ ɑ / ɑ ↑ ↑ ◇ / ↑ ↑ < a ◇ / ɑ ɑ < / c / / ɑ ɑ ↑ ↑ c · ◇ ◇ ↑ ɑ c < c ◇ ◇ · c /
©2000 Cross My Heart, Inc.
PT 20-A
DMC Chart
✚ 300	Vy. Dk. Mahogany
⋘ 301	Med. Mahogany
■ 310	Black
♣ 311	Med. Navy Blue
▲ 312	Vy. Dk. Baby Blue
ஃ 317	Pewter Grey
ꝺ 318	Lt. Steel Gray
⬮ 322	Dk. Baby Blue
a 334	Med. Baby Blue
◆ 336	Navy Blue
e 340	Med. Blue Violet
◇ 341	Lt. Blue Violet
~ 372	Lt. Mustard
✸ 400	Dk. Mahogany
✦ 413	Dk. Pewter Gray
⅃ 414	Dk. Steel Gray
H 415	Pearl Gray
⩸ 420	Dk. Hazelnut Brown
⬓ 433	Med. Brown
◀ 435	Vy. Lt. Brown
⋈ 436	Tan
⊟ 437	Lt. Tan
△ 451	Dk. Shell Gray
⊠ 452	Med. Shell Gray
⌷ 453	Lt. Shell Gray
⊞ 518	Lt. Wedgewood
c 519	Sky Blue
♠ 535	Vy. Lt. Ash Gray
▼ 550	Vy. Dk. Violet
⬆ 632	Ultra Vy. Dk. Desert Sand
Ꮾ 644	Med. Beige Gray
V 646	Dk. Beaver Gray
♡ 648	Lt. Beaver Gray
⊕ 680	Dk. Old Gold
↘ 729	Med. Old Gold
⊥ 738	Vy. Lt. Tan
/	775	Vy. Lt. Baby Blue
ȡ 780	Ultra Vy. Dk. Topaz
◒ 791	Vy. Dk. Cornflower Blue
✕ 792	Dk. Cornflower Blue
3 793	Med. Cornflower Blue
4 794	Lt. Cornflower Blue
⊗ 797	Royal Blue
m 798	Dk. Delft Blue
+ 799	Med. Delft Blue
★ 814	Dk. Garnet
◉ 824	Vy. Dk. Blue
You are
stitching this
portion of the
pattern.
⬇
8	9 12 13
10	11 14	15
The shaded lines
are repeated from
page 9 for you
stitching conve-
nience.
13
Страна Мам.ру
